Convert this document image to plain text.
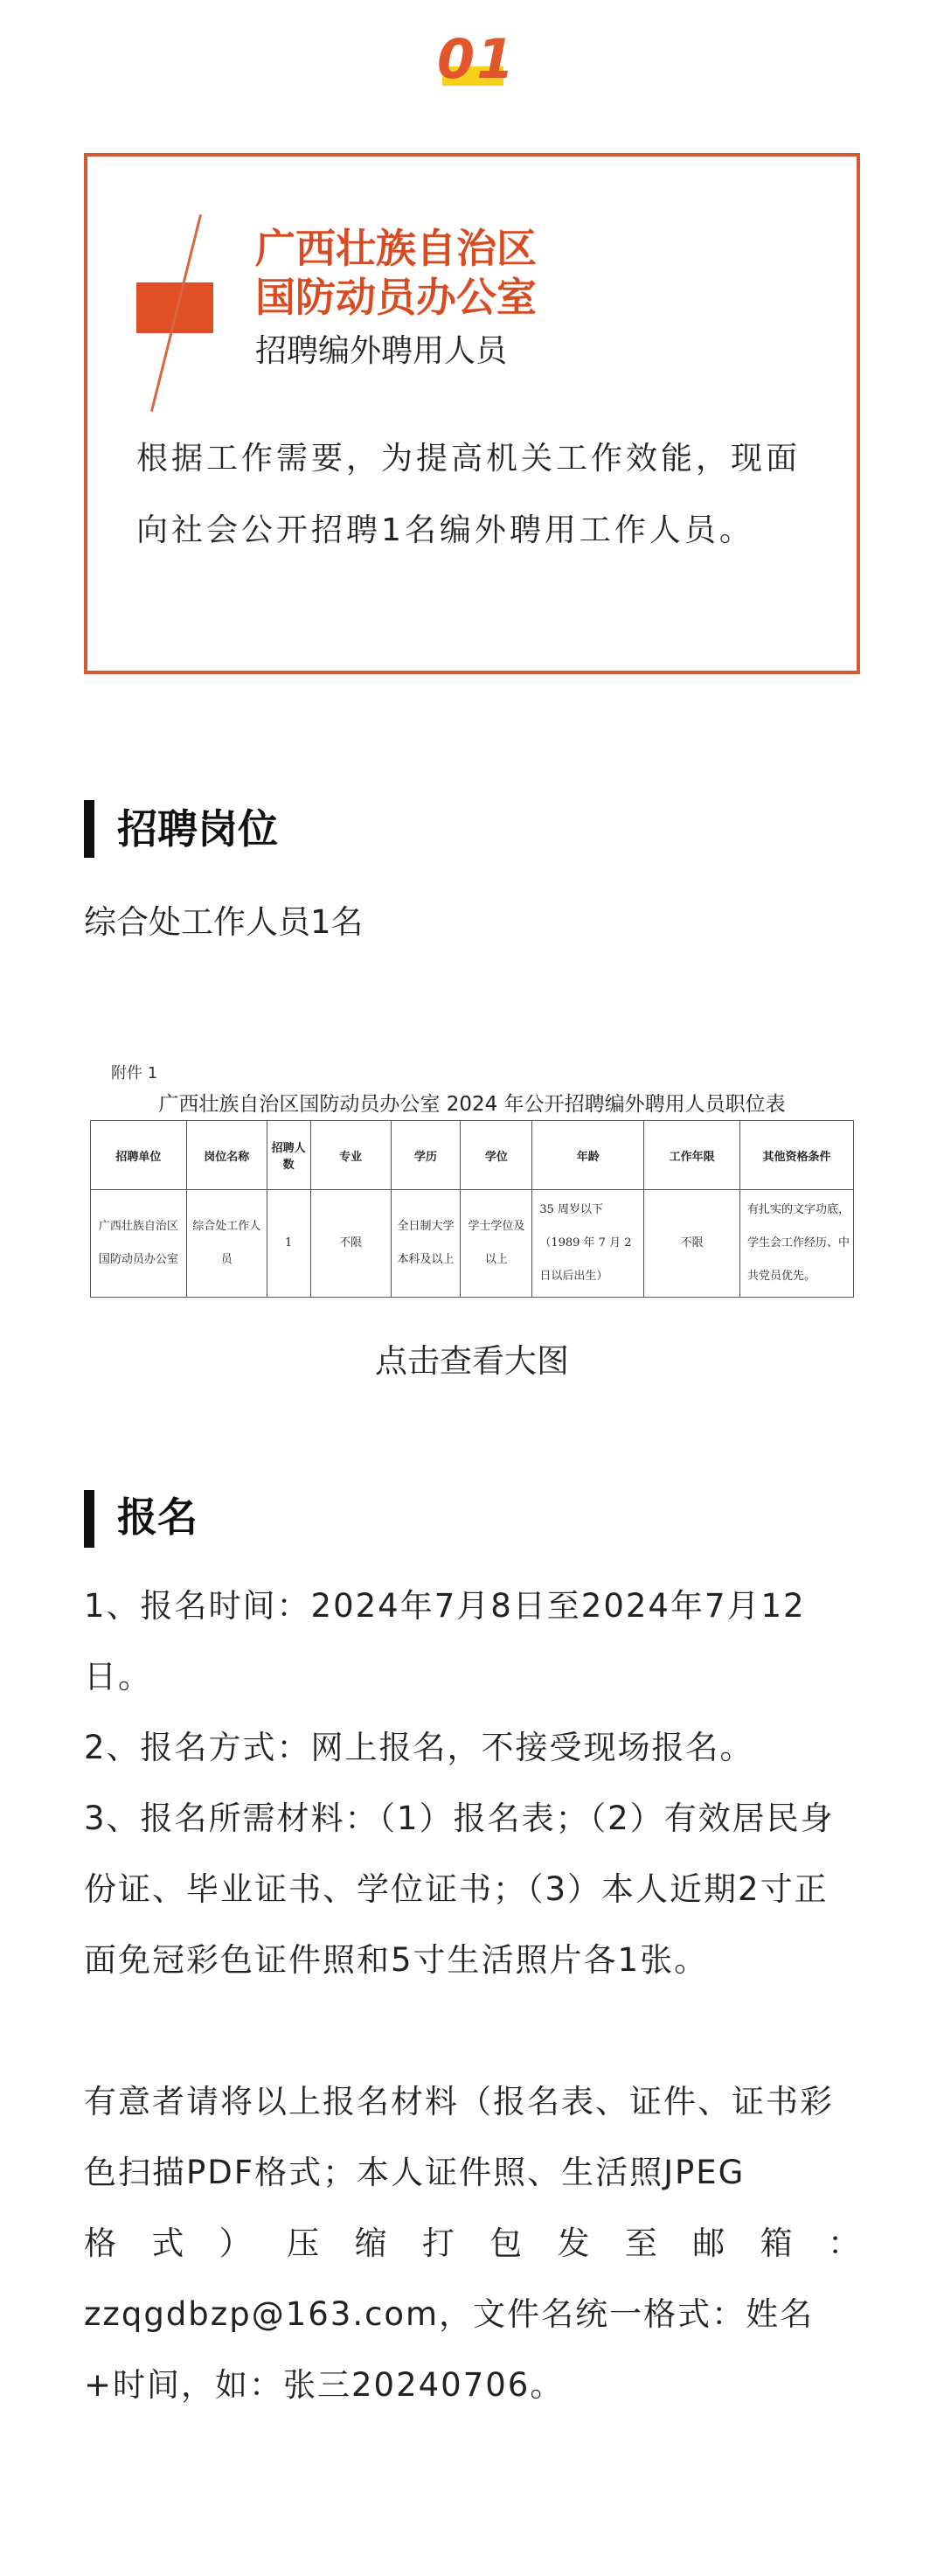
01
广西壮族自治区
国防动员办公室
招聘编外聘用人员
根据工作需要，为提高机关工作效能，现面向社会公开招聘1名编外聘用工作人员。
招聘岗位
综合处工作人员1名
附件 1
广西壮族自治区国防动员办公室 2024 年公开招聘编外聘用人员职位表
招聘单位	岗位名称	招聘人数	专业	学历	学位	年龄	工作年限	其他资格条件
广西壮族自治区国防动员办公室	综合处工作人员	1	不限	全日制大学本科及以上	学士学位及以上	35 周岁以下（1989 年 7 月 2 日以后出生）	不限	有扎实的文字功底，学生会工作经历、中共党员优先。
点击查看大图
报名

1、报名时间：2024年7月8日至2024年7月12日。

2、报名方式：网上报名，不接受现场报名。

3、报名所需材料：（1）报名表；（2）有效居民身份证、毕业证书、学位证书；（3）本人近期2寸正面免冠彩色证件照和5寸生活照片各1张。

有意者请将以上报名材料（报名表、证件、证书彩色扫描PDF格式；本人证件照、生活照JPEG

格式）压缩打包发至邮箱：

zzqgdbzp@163.com，文件名统一格式：姓名+时间，如：张三20240706。
